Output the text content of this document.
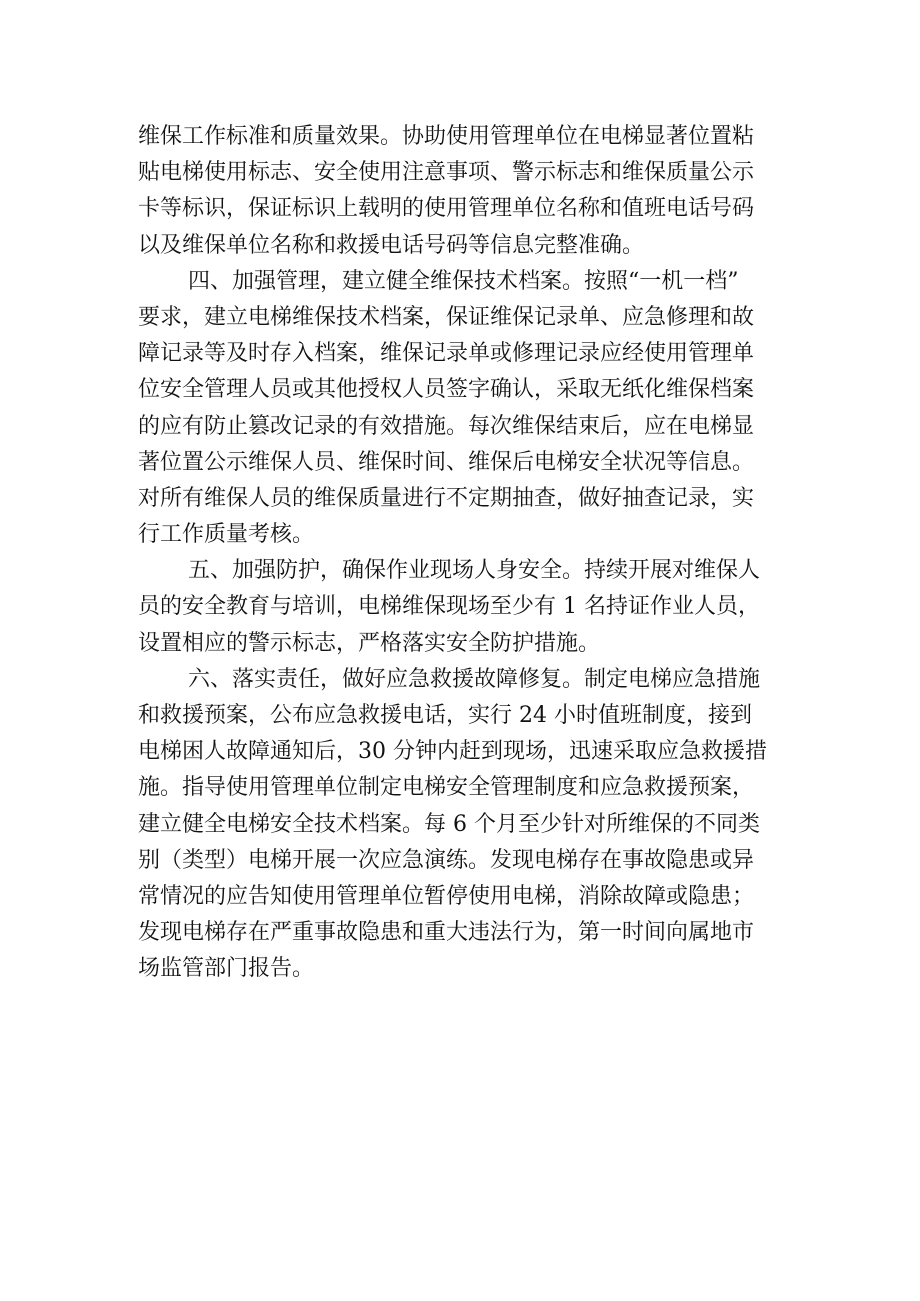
维保工作标准和质量效果。协助使用管理单位在电梯显著位置粘
贴电梯使用标志、安全使用注意事项、警示标志和维保质量公示
卡等标识，保证标识上载明的使用管理单位名称和值班电话号码
以及维保单位名称和救援电话号码等信息完整准确。
四、加强管理，建立健全维保技术档案。按照“一机一档”
要求，建立电梯维保技术档案，保证维保记录单、应急修理和故
障记录等及时存入档案，维保记录单或修理记录应经使用管理单
位安全管理人员或其他授权人员签字确认，采取无纸化维保档案
的应有防止篡改记录的有效措施。每次维保结束后，应在电梯显
著位置公示维保人员、维保时间、维保后电梯安全状况等信息。
对所有维保人员的维保质量进行不定期抽查，做好抽查记录，实
行工作质量考核。
五、加强防护，确保作业现场人身安全。持续开展对维保人
员的安全教育与培训，电梯维保现场至少有 1 名持证作业人员，
设置相应的警示标志，严格落实安全防护措施。
六、落实责任，做好应急救援故障修复。制定电梯应急措施
和救援预案，公布应急救援电话，实行 24 小时值班制度，接到
电梯困人故障通知后，30 分钟内赶到现场，迅速采取应急救援措
施。指导使用管理单位制定电梯安全管理制度和应急救援预案，
建立健全电梯安全技术档案。每 6 个月至少针对所维保的不同类
别（类型）电梯开展一次应急演练。发现电梯存在事故隐患或异
常情况的应告知使用管理单位暂停使用电梯，消除故障或隐患；
发现电梯存在严重事故隐患和重大违法行为，第一时间向属地市
场监管部门报告。
